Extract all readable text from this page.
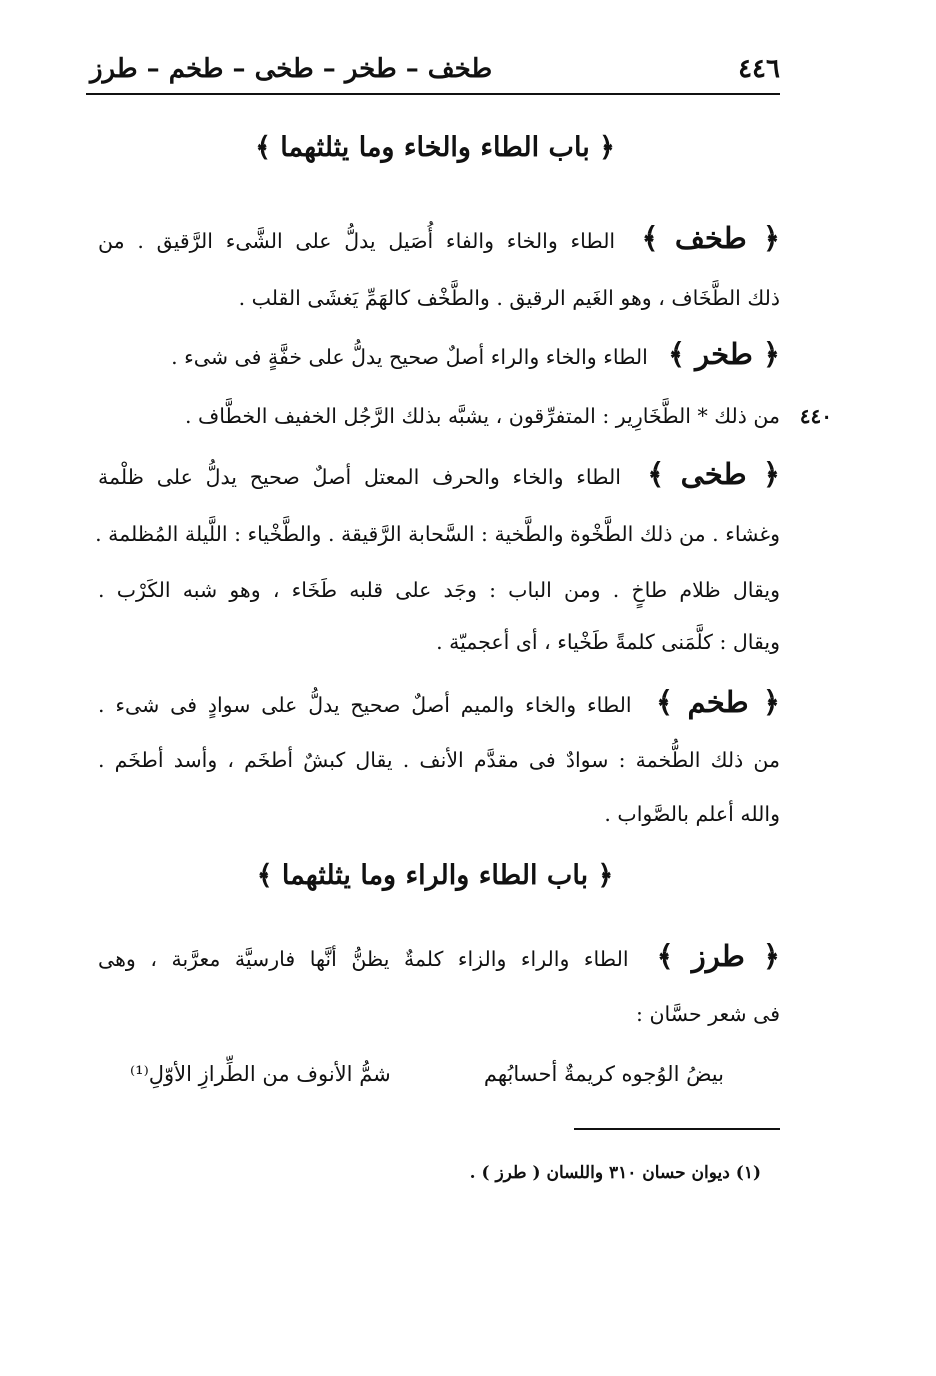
٤٤٦
طخف – طخر – طخى – طخم – طرز
﴿ باب الطاء والخاء وما يثلثهما ﴾
﴿ طخف ﴾ الطاء والخاء والفاء أُصَيل يدلُّ على الشَّىء الرَّقيق . من
ذلك الطَّخَاف ، وهو الغَيم الرقيق . والطَّخْف كالهَمِّ يَغشَى القلب .
﴿ طخر ﴾ الطاء والخاء والراء أصلٌ صحيح يدلُّ على خفَّةٍ فى شىء .
٤٤٠
من ذلك * الطَّخَارِير : المتفرِّقون ، يشبَّه بذلك الرَّجُل الخفيف الخطَّاف .
﴿ طخى ﴾ الطاء والخاء والحرف المعتل أصلٌ صحيح يدلُّ على ظلْمة
وغشاء . من ذلك الطَّخْوة والطَّخية : السَّحابة الرَّقيقة . والطَّخْياء : اللَّيلة المُظلمة .
ويقال ظلام طاخٍ . ومن الباب : وجَد على قلبه طَخَاء ، وهو شبه الكَرْب .
ويقال : كلَّمَنى كلمةً طَخْياء ، أى أعجميّة .
﴿ طخم ﴾ الطاء والخاء والميم أصلٌ صحيح يدلُّ على سوادٍ فى شىء .
من ذلك الطُّخمة : سوادٌ فى مقدَّم الأنف . يقال كبشٌ أطخَم ، وأسد أطخَم .
والله أعلم بالصَّواب .
﴿ باب الطاء والراء وما يثلثهما ﴾
﴿ طرز ﴾ الطاء والراء والزاء كلمةٌ يظنُّ أنَّها فارسيَّة معرَّبة ، وهى
فى شعر حسَّان :
بيضُ الوُجوه كريمةٌ أحسابُهم
شمُّ الأنوف من الطِّرازِ الأوّلِ⁽¹⁾
(١) ديوان حسان ٣١٠ واللسان ( طرز ) .
